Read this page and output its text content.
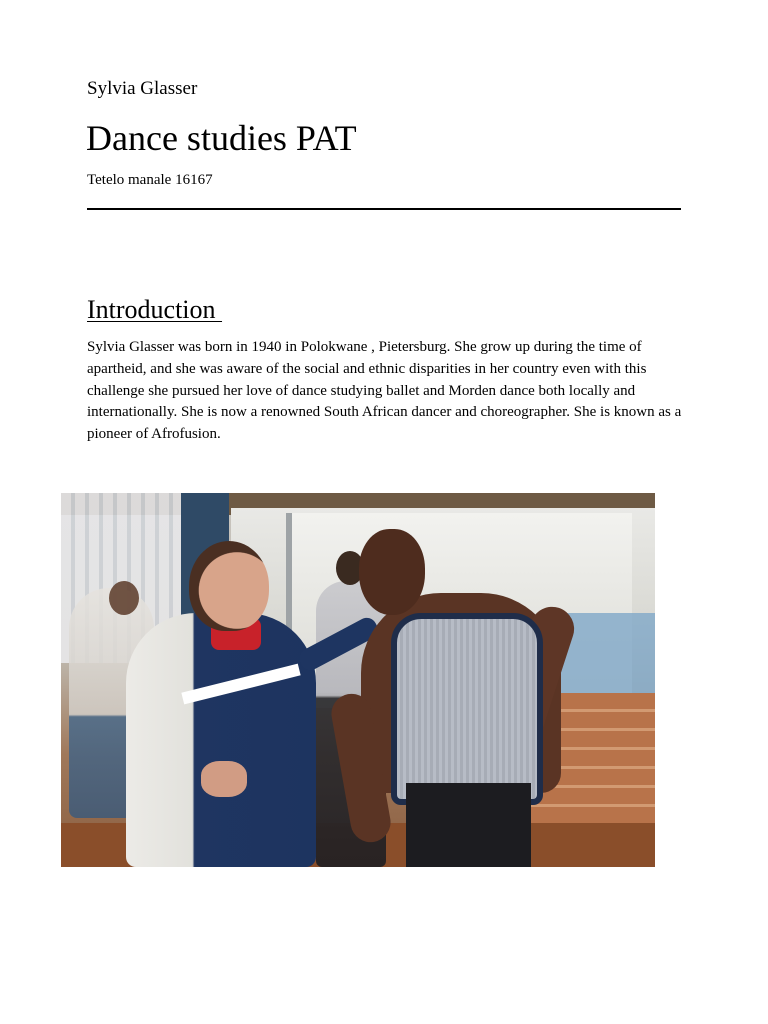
Sylvia Glasser
Dance studies PAT
Tetelo manale 16167
Introduction

Sylvia Glasser was born in 1940 in Polokwane , Pietersburg. She grow up during the time of apartheid, and she was aware of the social and ethnic disparities in her country even with this challenge she pursued her love of dance studying ballet and Morden dance both locally and internationally. She is now a renowned South African dancer and choreographer. She is known as a pioneer of Afrofusion.
